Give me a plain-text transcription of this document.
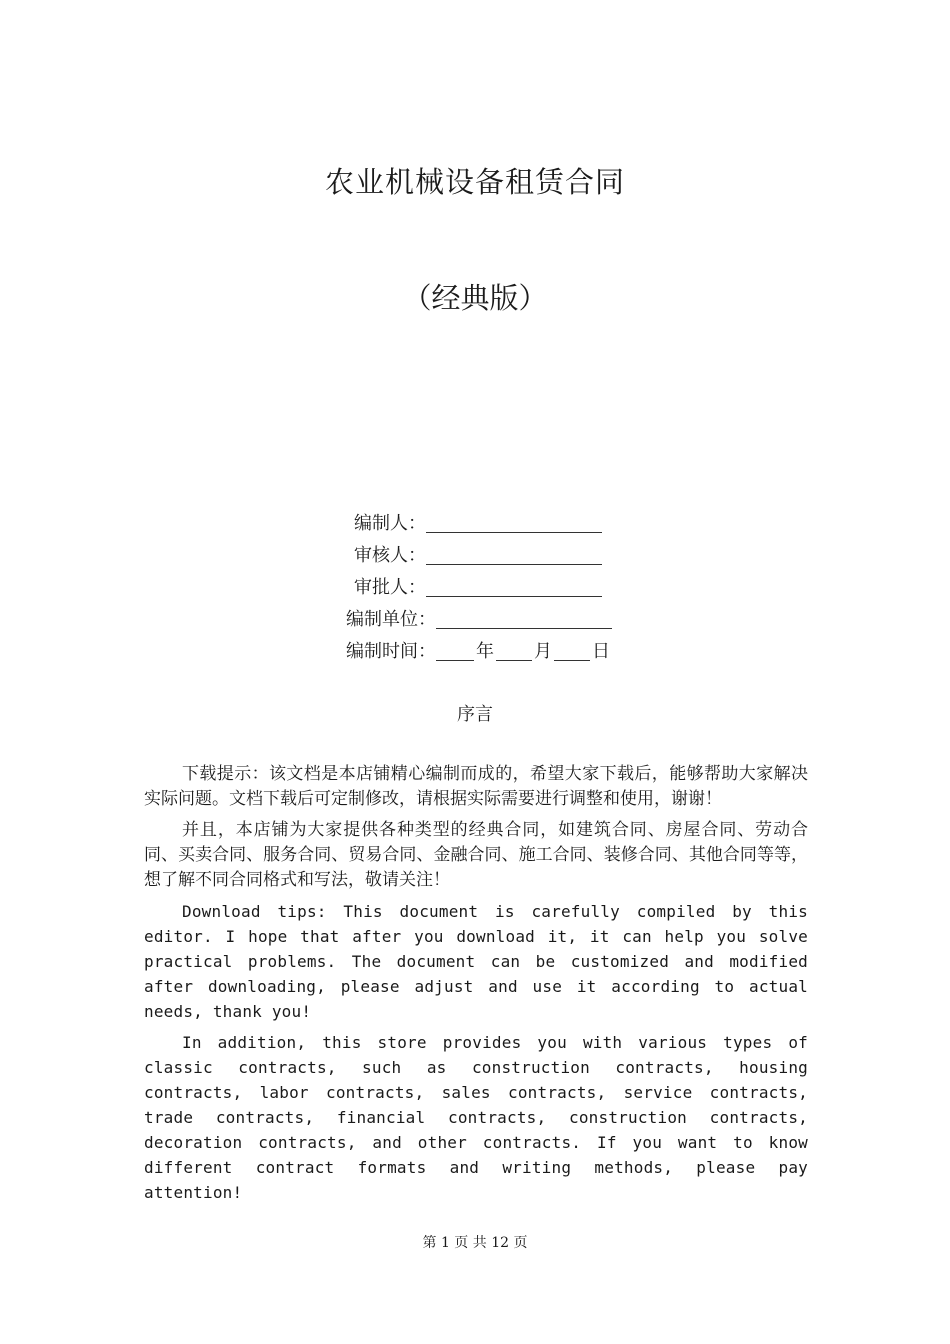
农业机械设备租赁合同
（经典版）
编制人：
审核人：
审批人：
编制单位：
编制时间： 年 月 日
序言

下载提示：该文档是本店铺精心编制而成的，希望大家下载后，能够帮助大家解决实际问题。文档下载后可定制修改，请根据实际需要进行调整和使用，谢谢！

并且，本店铺为大家提供各种类型的经典合同，如建筑合同、房屋合同、劳动合同、买卖合同、服务合同、贸易合同、金融合同、施工合同、装修合同、其他合同等等，想了解不同合同格式和写法，敬请关注！

Download tips: This document is carefully compiled by this editor. I hope that after you download it, it can help you solve practical problems. The document can be customized and modified after downloading, please adjust and use it according to actual needs, thank you!

In addition, this store provides you with various types of classic contracts, such as construction contracts, housing contracts, labor contracts, sales contracts, service contracts, trade contracts, financial contracts, construction contracts, decoration contracts, and other contracts. If you want to know different contract formats and writing methods, please pay attention!

第 1 页 共 12 页
